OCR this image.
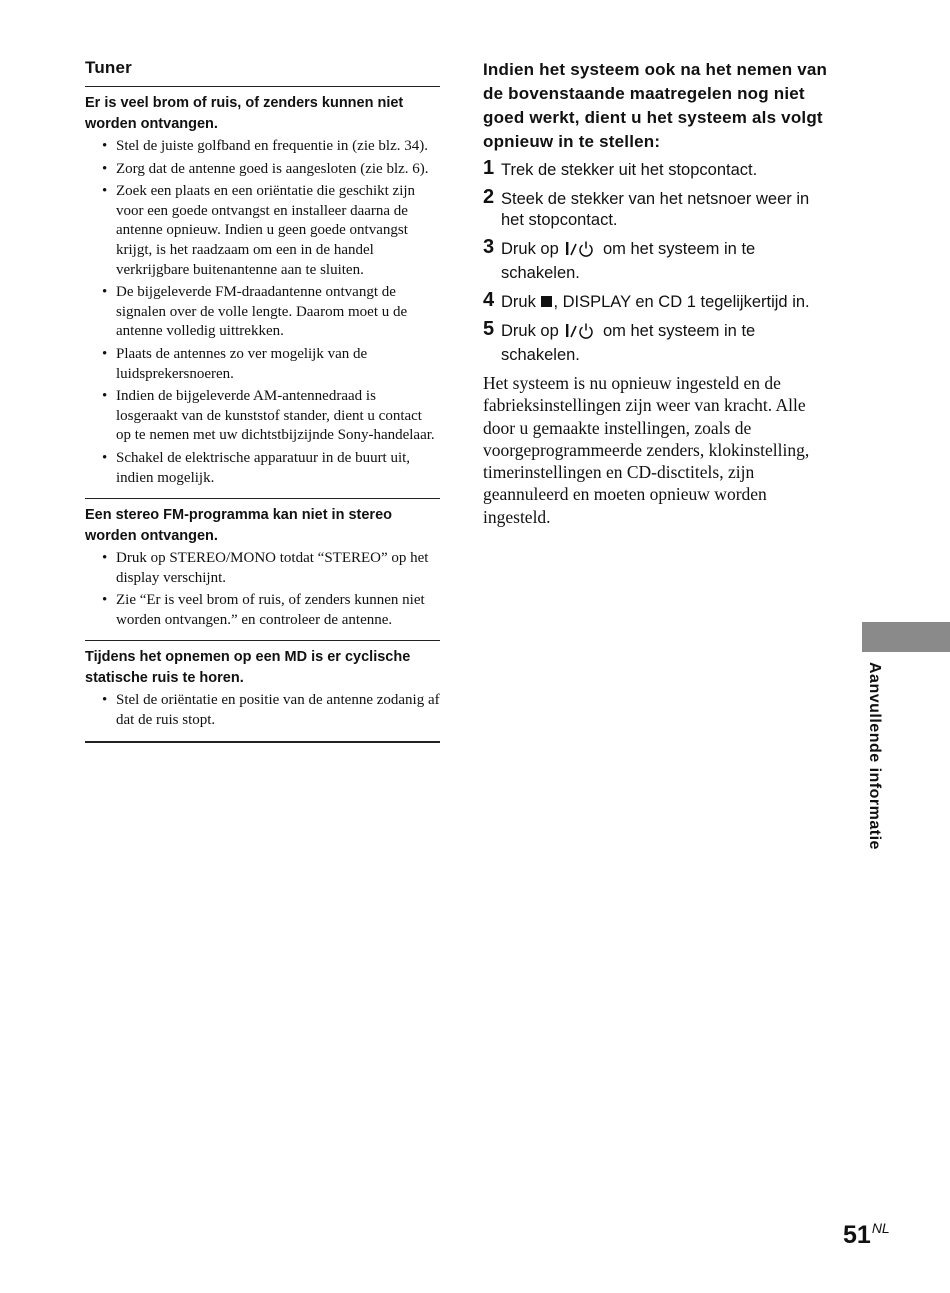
Tuner
Er is veel brom of ruis, of zenders kunnen niet worden ontvangen.
• Stel de juiste golfband en frequentie in (zie blz. 34).
• Zorg dat de antenne goed is aangesloten (zie blz. 6).
• Zoek een plaats en een oriëntatie die geschikt zijn voor een goede ontvangst en installeer daarna de antenne opnieuw. Indien u geen goede ontvangst krijgt, is het raadzaam om een in de handel verkrijgbare buitenantenne aan te sluiten.
• De bijgeleverde FM-draadantenne ontvangt de signalen over de volle lengte. Daarom moet u de antenne volledig uittrekken.
• Plaats de antennes zo ver mogelijk van de luidsprekersnoeren.
• Indien de bijgeleverde AM-antennedraad is losgeraakt van de kunststof stander, dient u contact op te nemen met uw dichtstbijzijnde Sony-handelaar.
• Schakel de elektrische apparatuur in de buurt uit, indien mogelijk.
Een stereo FM-programma kan niet in stereo worden ontvangen.
• Druk op STEREO/MONO totdat “STEREO” op het display verschijnt.
• Zie “Er is veel brom of ruis, of zenders kunnen niet worden ontvangen.” en controleer de antenne.
Tijdens het opnemen op een MD is er cyclische statische ruis te horen.
• Stel de oriëntatie en positie van de antenne zodanig af dat de ruis stopt.
Indien het systeem ook na het nemen van de bovenstaande maatregelen nog niet goed werkt, dient u het systeem als volgt opnieuw in te stellen:
1 Trek de stekker uit het stopcontact.
2 Steek de stekker van het netsnoer weer in het stopcontact.
3 Druk op	om het systeem in te schakelen.
4 Druk , DISPLAY en CD 1 tegelijkertijd in.
5 Druk op	om het systeem in te schakelen.

Het systeem is nu opnieuw ingesteld en de fabrieksinstellingen zijn weer van kracht. Alle door u gemaakte instellingen, zoals de voorgeprogrammeerde zenders, klokinstelling, timerinstellingen en CD-disctitels, zijn geannuleerd en moeten opnieuw worden ingesteld.

Aanvullende informatie
51NL
